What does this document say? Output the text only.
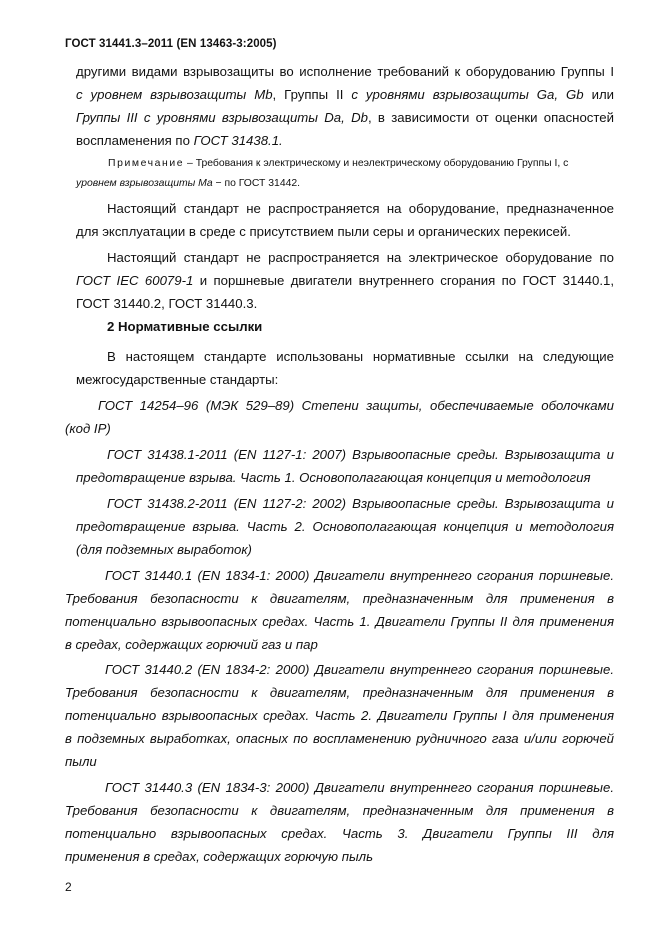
ГОСТ 31441.3–2011 (EN 13463-3:2005)
другими видами взрывозащиты во исполнение требований к оборудованию Группы I
с уровнем взрывозащиты Mb, Группы II с уровнями взрывозащиты Ga, Gb или
Группы III с уровнями взрывозащиты Da, Db, в зависимости от оценки опасностей
воспламенения по ГОСТ 31438.1.
Примечание – Требования к электрическому и неэлектрическому оборудованию Группы I, с
уровнем взрывозащиты Ma − по ГОСТ 31442.
Настоящий стандарт не распространяется на оборудование, предназначенное
для эксплуатации в среде с присутствием пыли серы и органических перекисей.
Настоящий стандарт не распространяется на электрическое оборудование по
ГОСТ IEC 60079-1 и поршневые двигатели внутреннего сгорания по ГОСТ 31440.1,
ГОСТ 31440.2, ГОСТ 31440.3.
2 Нормативные ссылки
В настоящем стандарте использованы нормативные ссылки на следующие
межгосударственные стандарты:
ГОСТ 14254–96 (МЭК 529–89) Степени защиты, обеспечиваемые оболочками
(код IP)
ГОСТ 31438.1-2011 (EN 1127-1: 2007) Взрывоопасные среды. Взрывозащита и
предотвращение взрыва. Часть 1. Основополагающая концепция и методология
ГОСТ 31438.2-2011 (EN 1127-2: 2002) Взрывоопасные среды. Взрывозащита и
предотвращение взрыва. Часть 2. Основополагающая концепция и методология
(для подземных выработок)
ГОСТ 31440.1 (EN 1834-1: 2000) Двигатели внутреннего сгорания поршневые.
Требования безопасности к двигателям, предназначенным для применения в
потенциально взрывоопасных средах. Часть 1. Двигатели Группы II для применения
в средах, содержащих горючий газ и пар
ГОСТ 31440.2 (EN 1834-2: 2000) Двигатели внутреннего сгорания поршневые.
Требования безопасности к двигателям, предназначенным для применения в
потенциально взрывоопасных средах. Часть 2. Двигатели Группы I для применения
в подземных выработках, опасных по воспламенению рудничного газа и/или горючей
пыли
ГОСТ 31440.3 (EN 1834-3: 2000) Двигатели внутреннего сгорания поршневые.
Требования безопасности к двигателям, предназначенным для применения в
потенциально взрывоопасных средах. Часть 3. Двигатели Группы III для
применения в средах, содержащих горючую пыль
2
